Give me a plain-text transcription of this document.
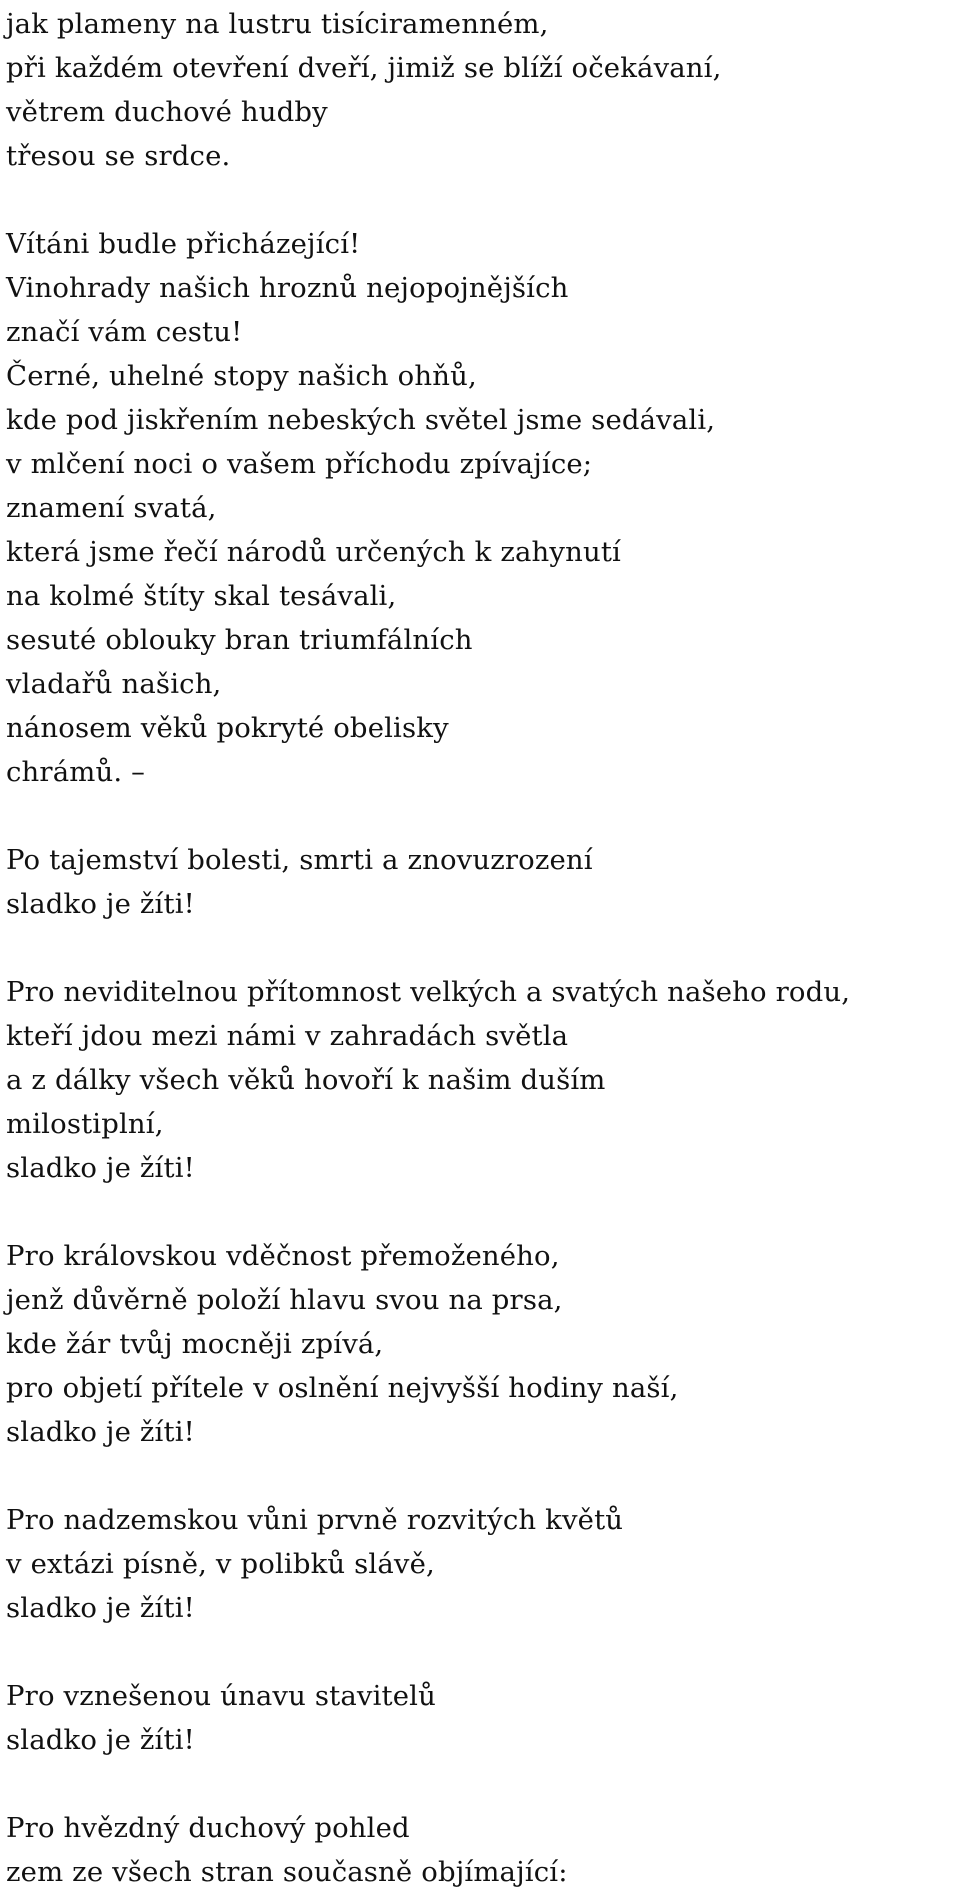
jak plameny na lustru tisíciramenném,
při každém otevření dveří, jimiž se blíží očekávaní,
větrem duchové hudby
třesou se srdce.
Vítáni budle přicházející!
Vinohrady našich hroznů nejopojnějších
značí vám cestu!
Černé, uhelné stopy našich ohňů,
kde pod jiskřením nebeských světel jsme sedávali,
v mlčení noci o vašem příchodu zpívajíce;
znamení svatá,
která jsme řečí národů určených k zahynutí
na kolmé štíty skal tesávali,
sesuté oblouky bran triumfálních
vladařů našich,
nánosem věků pokryté obelisky
chrámů. –
Po tajemství bolesti, smrti a znovuzrození
sladko je žíti!
Pro neviditelnou přítomnost velkých a svatých našeho rodu,
kteří jdou mezi námi v zahradách světla
a z dálky všech věků hovoří k našim duším
milostiplní,
sladko je žíti!
Pro královskou vděčnost přemoženého,
jenž důvěrně položí hlavu svou na prsa,
kde žár tvůj mocněji zpívá,
pro objetí přítele v oslnění nejvyšší hodiny naší,
sladko je žíti!
Pro nadzemskou vůni prvně rozvitých květů
v extázi písně, v polibků slávě,
sladko je žíti!
Pro vznešenou únavu stavitelů
sladko je žíti!
Pro hvězdný duchový pohled
zem ze všech stran současně objímající:
